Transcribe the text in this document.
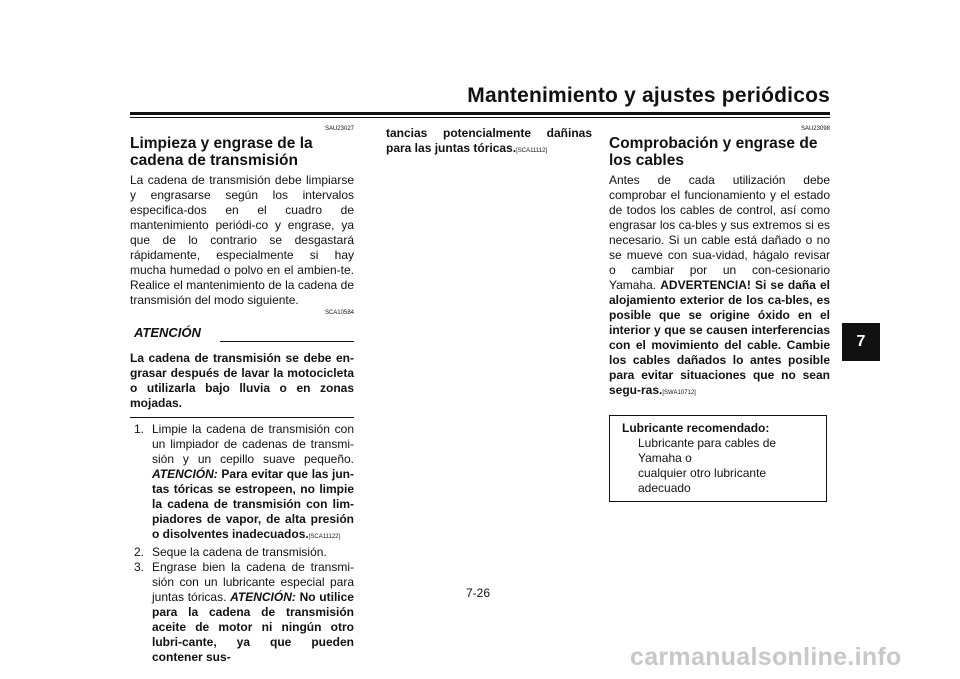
Mantenimiento y ajustes periódicos
7
SAU23027
Limpieza y engrase de la cadena de transmisión

La cadena de transmisión debe limpiarse y engrasarse según los intervalos especifica-dos en el cuadro de mantenimiento periódi-co y engrase, ya que de lo contrario se desgastará rápidamente, especialmente si hay mucha humedad o polvo en el ambien-te. Realice el mantenimiento de la cadena de transmisión del modo siguiente.

SCA10584
ATENCIÓN

La cadena de transmisión se debe en-grasar después de lavar la motocicleta o utilizarla bajo lluvia o en zonas mojadas.

1. Limpie la cadena de transmisión con un limpiador de cadenas de transmi-sión y un cepillo suave pequeño. ATENCIÓN: Para evitar que las jun-tas tóricas se estropeen, no limpie la cadena de transmisión con lim-piadores de vapor, de alta presión o disolventes inadecuados.[SCA11122]
2. Seque la cadena de transmisión.
3. Engrase bien la cadena de transmi-sión con un lubricante especial para juntas tóricas. ATENCIÓN: No utilice para la cadena de transmisión aceite de motor ni ningún otro lubri-cante, ya que pueden contener sus-

tancias potencialmente dañinas para las juntas tóricas.[SCA11112]

SAU23098
Comprobación y engrase de los cables

Antes de cada utilización debe comprobar el funcionamiento y el estado de todos los cables de control, así como engrasar los ca-bles y sus extremos si es necesario. Si un cable está dañado o no se mueve con sua-vidad, hágalo revisar o cambiar por un con-cesionario Yamaha. ADVERTENCIA! Si se daña el alojamiento exterior de los ca-bles, es posible que se origine óxido en el interior y que se causen interferencias con el movimiento del cable. Cambie los cables dañados lo antes posible para evitar situaciones que no sean segu-ras.[SWA10712]

Lubricante recomendado:
Lubricante para cables de Yamaha o
cualquier otro lubricante adecuado
7-26
carmanualsonline.info
